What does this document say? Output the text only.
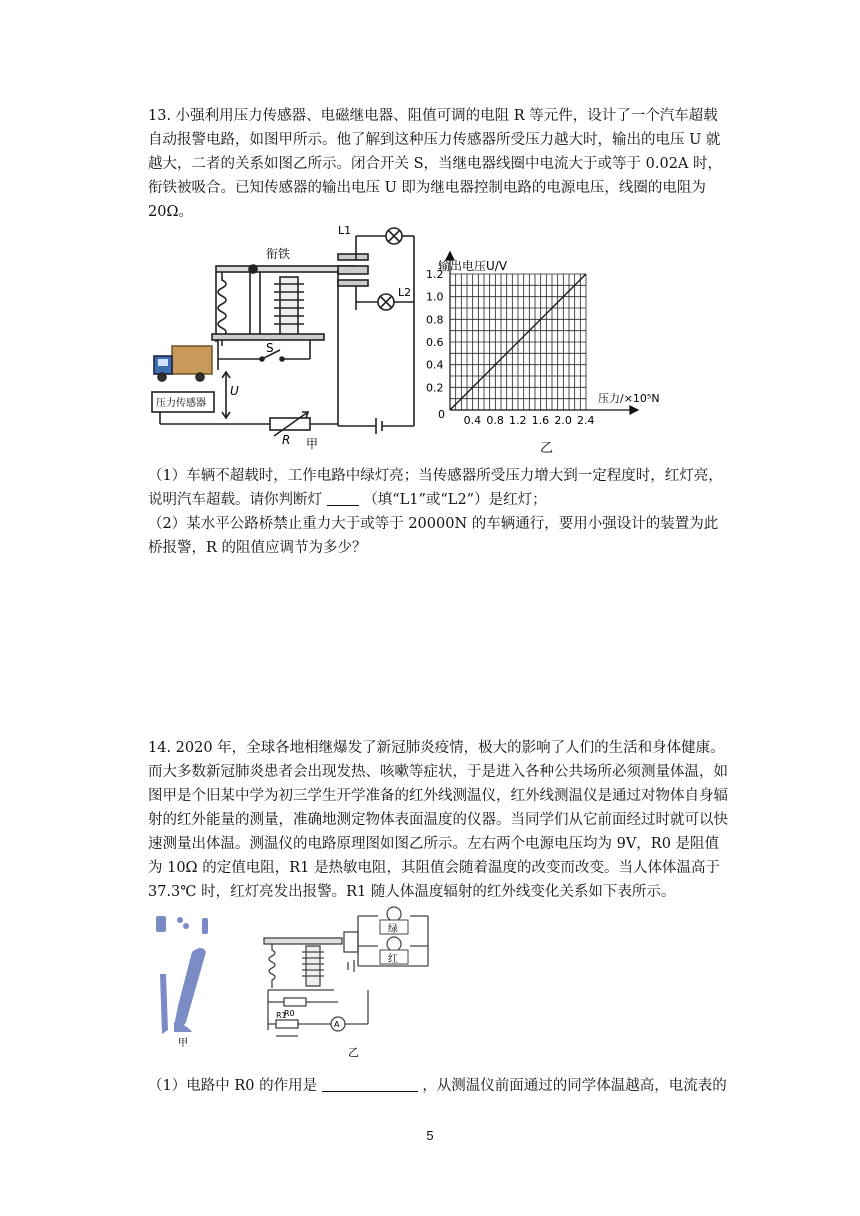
13. 小强利用压力传感器、电磁继电器、阻值可调的电阻 R 等元件，设计了一个汽车超载自动报警电路，如图甲所示。他了解到这种压力传感器所受压力越大时，输出的电压 U 就越大，二者的关系如图乙所示。闭合开关 S，当继电器线圈中电流大于或等于 0.02A 时，衔铁被吸合。已知传感器的输出电压 U 即为继电器控制电路的电源电压，线圈的电阻为 20Ω。
衔铁
L1
L2
S
U
压力传感器
R 甲
0.2
0.4
0.6
0.8
1.0
1.2
0.4 0.8 1.2 1.6 2.0 2.4
输出电压U/V
压力/×10⁵N
0
乙
（1）车辆不超载时，工作电路中绿灯亮；当传感器所受压力增大到一定程度时，红灯亮，说明汽车超载。请你判断灯	（填“L1”或“L2”）是红灯；
（2）某水平公路桥禁止重力大于或等于 20000N 的车辆通行，要用小强设计的装置为此桥报警，R 的阻值应调节为多少？
14. 2020 年，全球各地相继爆发了新冠肺炎疫情，极大的影响了人们的生活和身体健康。而大多数新冠肺炎患者会出现发热、咳嗽等症状，于是进入各种公共场所必须测量体温，如图甲是个旧某中学为初三学生开学准备的红外线测温仪，红外线测温仪是通过对物体自身辐射的红外能量的测量，准确地测定物体表面温度的仪器。当同学们从它前面经过时就可以快速测量出体温。测温仪的电路原理图如图乙所示。左右两个电源电压均为 9V，R0 是阻值为 10Ω 的定值电阻，R1 是热敏电阻，其阻值会随着温度的改变而改变。当人体体温高于 37.3℃ 时，红灯亮发出报警。R1 随人体温度辐射的红外线变化关系如下表所示。
甲
绿
红
R0
R1
A
乙
（1）电路中 R0 的作用是	，从测温仪前面通过的同学体温越高，电流表的
5
